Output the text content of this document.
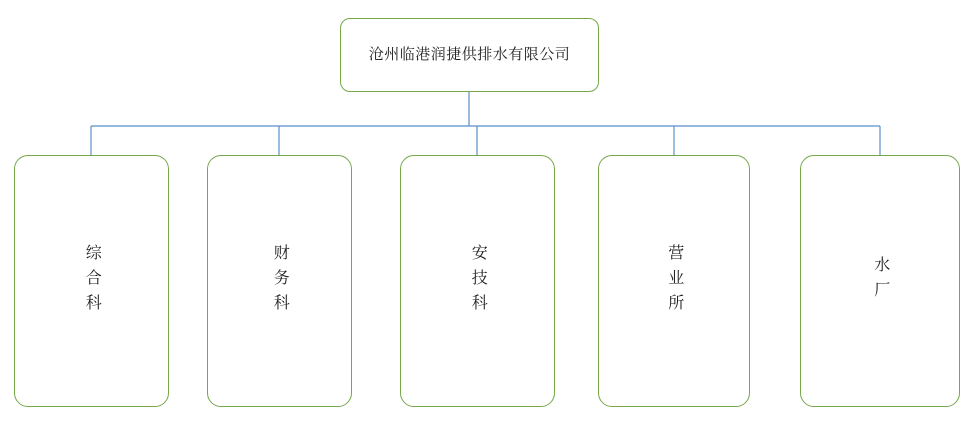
沧州临港润捷供排水有限公司
综合科	财务科	安技科	营业所	水厂
